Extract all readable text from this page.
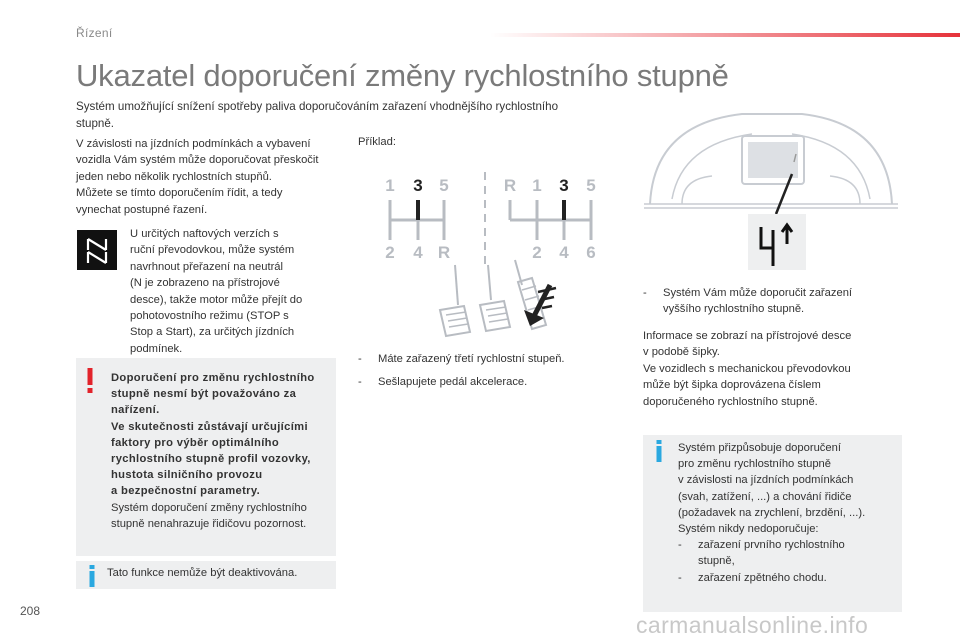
Řízení
Ukazatel doporučení změny rychlostního stupně
Systém umožňující snížení spotřeby paliva doporučováním zařazení vhodnějšího rychlostního
stupně.
V závislosti na jízdních podmínkách a vybavení
vozidla Vám systém může doporučovat přeskočit
jeden nebo několik rychlostních stupňů.
Můžete se tímto doporučením řídit, a tedy
vynechat postupné řazení.
U určitých naftových verzích s
ruční převodovkou, může systém
navrhnout přeřazení na neutrál
(N je zobrazeno na přístrojové
desce), takže motor může přejít do
pohotovostního režimu (STOP s
Stop a Start), za určitých jízdních
podmínek.
Doporučení pro změnu rychlostního
stupně nesmí být považováno za
nařízení.
Ve skutečnosti zůstávají určujícími
faktory pro výběr optimálního
rychlostního stupně profil vozovky,
hustota silničního provozu
a bezpečnostní parametry.
Systém doporučení změny rychlostního
stupně nenahrazuje řidičovu pozornost.
Tato funkce nemůže být deaktivována.
Příklad:
1 3 5
2 4 R
R 1 3 5
2 4 6
- Máte zařazený třetí rychlostní stupeň.
- Sešlapujete pedál akcelerace.
- Systém Vám může doporučit zařazení
vyššího rychlostního stupně.
Informace se zobrazí na přístrojové desce
v podobě šipky.
Ve vozidlech s mechanickou převodovkou
může být šipka doprovázena číslem
doporučeného rychlostního stupně.
Systém přizpůsobuje doporučení
pro změnu rychlostního stupně
v závislosti na jízdních podmínkách
(svah, zatížení, ...) a chování řidiče
(požadavek na zrychlení, brzdění, ...).
Systém nikdy nedoporučuje:
- zařazení prvního rychlostního
stupně,
- zařazení zpětného chodu.
208
carmanualsonline.info
